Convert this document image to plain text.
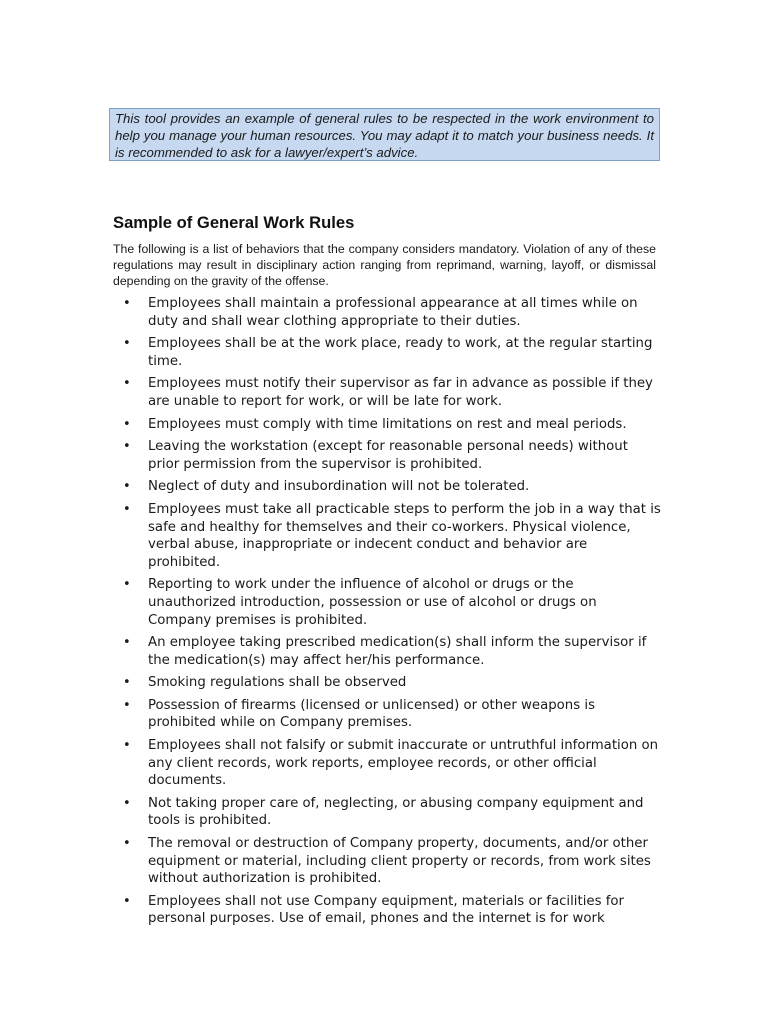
This tool provides an example of general rules to be respected in the work environment to help you manage your human resources. You may adapt it to match your business needs. It is recommended to ask for a lawyer/expert’s advice.
Sample of General Work Rules

The following is a list of behaviors that the company considers mandatory. Violation of any of these regulations may result in disciplinary action ranging from reprimand, warning, layoff, or dismissal depending on the gravity of the offense.

• Employees shall maintain a professional appearance at all times while on duty and shall wear clothing appropriate to their duties.
• Employees shall be at the work place, ready to work, at the regular starting time.
• Employees must notify their supervisor as far in advance as possible if they are unable to report for work, or will be late for work.
• Employees must comply with time limitations on rest and meal periods.
• Leaving the workstation (except for reasonable personal needs) without prior permission from the supervisor is prohibited.
• Neglect of duty and insubordination will not be tolerated.
• Employees must take all practicable steps to perform the job in a way that is safe and healthy for themselves and their co-workers. Physical violence, verbal abuse, inappropriate or indecent conduct and behavior are prohibited.
• Reporting to work under the influence of alcohol or drugs or the unauthorized introduction, possession or use of alcohol or drugs on Company premises is prohibited.
• An employee taking prescribed medication(s) shall inform the supervisor if the medication(s) may affect her/his performance.
• Smoking regulations shall be observed
• Possession of firearms (licensed or unlicensed) or other weapons is prohibited while on Company premises.
• Employees shall not falsify or submit inaccurate or untruthful information on any client records, work reports, employee records, or other official documents.
• Not taking proper care of, neglecting, or abusing company equipment and tools is prohibited.
• The removal or destruction of Company property, documents, and/or other equipment or material, including client property or records, from work sites without authorization is prohibited.
• Employees shall not use Company equipment, materials or facilities for personal purposes. Use of email, phones and the internet is for work
